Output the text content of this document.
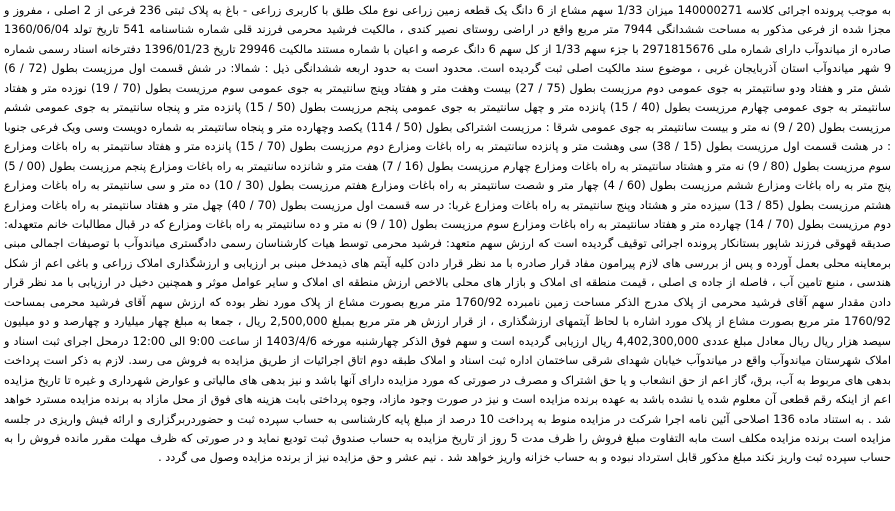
به موجب پرونده اجرائی کلاسه 140000271 میزان 1/33 سهم مشاع از 6 دانگ یک قطعه زمین زراعی نوع ملک طلق با کاربری زراعی - باغ به پلاک ثبتی 236 فرعی از 2 اصلی ، مفروز و مجزا شده از فرعی مذکور به مساحت ششدانگی 7944 متر مربع واقع در اراضی روستای نصیر کندی ، مالکیت فرشید محرمی فرزند قلی شماره شناسنامه 541 تاریخ تولد 1360/06/04 صادره از میاندوآب دارای شماره ملی 2971815676 با جزء سهم 1/33 از کل سهم 6 دانگ عرصه و اعیان با شماره مستند مالکیت 29946 تاریخ 1396/01/23 دفترخانه اسناد رسمی شماره 9 شهر میاندوآب استان آذربایجان غربی ، موضوع سند مالکیت اصلی ثبت گردیده است. محدود است به حدود اربعه ششدانگی ذیل : شمالا: در شش قسمت اول مرزیست بطول (72 / 6) شش متر و هفتاد ودو سانتیمتر به جوی عمومی دوم مرزیست بطول (75 / 27) بیست وهفت متر و هفتاد وپنج سانتیمتر به جوی عمومی سوم مرزیست بطول (70 / 19) نوزده متر و هفتاد سانتیمتر به جوی عمومی چهارم مرزیست بطول (40 / 15) پانزده متر و چهل سانتیمتر به جوی عمومی پنجم مرزیست بطول (50 / 15) پانزده متر و پنجاه سانتیمتر به جوی عمومی ششم مرزیست بطول (20 / 9) نه متر و بیست سانتیمتر به جوی عمومی شرقا : مرزیست اشتراکی بطول (50 / 114) یکصد وچهارده متر و پنجاه سانتیمتر به شماره دویست وسی ویک فرعی جنوبا : در هشت قسمت اول مرزیست بطول (15 / 38) سی وهشت متر و پانزده سانتیمتر به راه باغات ومزارع دوم مرزیست بطول (70 / 15) پانزده متر و هفتاد سانتیمتر به راه باغات ومزارع سوم مرزیست بطول (80 / 9) نه متر و هشتاد سانتیمتر به راه باغات ومزارع چهارم مرزیست بطول (16 / 7) هفت متر و شانزده سانتیمتر به راه باغات ومزارع پنجم مرزیست بطول (00 / 5) پنج متر به راه باغات ومزارع ششم مرزیست بطول (60 / 4) چهار متر و شصت سانتیمتر به راه باغات ومزارع هفتم مرزیست بطول (30 / 10) ده متر و سی سانتیمتر به راه باغات ومزارع هشتم مرزیست بطول (85 / 13) سیزده متر و هشتاد وپنج سانتیمتر به راه باغات ومزارع غربا: در سه قسمت اول مرزیست بطول (70 / 40) چهل متر و هفتاد سانتیمتر به راه باغات ومزارع دوم مرزیست بطول (70 / 14) چهارده متر و هفتاد سانتیمتر به راه باغات ومزارع سوم مرزیست بطول (10 / 9) نه متر و ده سانتیمتر به راه باغات ومزارع که در قبال مطالبات خانم متعهدله: صدیقه قهوقی فرزند شاپور بستانکار پرونده اجرائی توقیف گردیده است که ارزش سهم متعهد: فرشید محرمی توسط هیات کارشناسان رسمی دادگستری میاندوآب با توصیفات اجمالی مبنی برمعاینه محلی بعمل آورده و پس از بررسی های لازم پیرامون مفاد قرار صادره با مد نظر قرار دادن کلیه آیتم های ذیمدخل مبنی بر ارزیابی و ارزشگذاری املاک زراعی و باغی اعم از شکل هندسی ، منبع تامین آب ، فاصله از جاده ی اصلی ، قیمت منطقه ای املاک و بازار های محلی بالاخص ارزش منطقه ای املاک و سایر عوامل موثر و همچنین دخیل در ارزیابی با مد نظر قرار دادن مقدار سهم آقای فرشید محرمی از پلاک مدرج الذکر مساحت زمین نامبرده 1760/92 متر مربع بصورت مشاع از پلاک مورد نظر بوده که ارزش سهم آقای فرشید محرمی بمساحت 1760/92 متر مربع بصورت مشاع از پلاک مورد اشاره با لحاظ آیتمهای ارزشگذاری ، از قرار ارزش هر متر مربع بمبلغ 2,500,000 ریال ، جمعا به مبلغ چهار میلیارد و چهارصد و دو میلیون سیصد هزار ریال ریال معادل مبلغ عددی 4,402,300,000 ریال ارزیابی گردیده است و سهم فوق الذکر چهارشنبه مورخه 1403/4/6 از ساعت 9:00 الی 12:00 درمحل اجرای ثبت اسناد و املاک شهرستان میاندوآب واقع در میاندوآب خیابان شهدای شرقی ساختمان اداره ثبت اسناد و املاک طبقه دوم اتاق اجرائیات از طریق مزایده به فروش می رسد. لازم به ذکر است پرداخت بدهی های مربوط به آب، برق، گاز اعم از حق انشعاب و یا حق اشتراک و مصرف در صورتی که مورد مزایده دارای آنها باشد و نیز بدهی های مالیاتی و عوارض شهرداری و غیره تا تاریخ مزایده اعم از اینکه رقم قطعی آن معلوم شده یا نشده باشد به عهده برنده مزایده است و نیز در صورت وجود مازاد، وجوه پرداختی بابت هزینه های فوق از محل مازاد به برنده مزایده مسترد خواهد شد . به استناد ماده 136 اصلاحی آئین نامه اجرا شرکت در مزایده منوط به پرداخت 10 درصد از مبلغ پایه کارشناسی به حساب سپرده ثبت و حضوردربرگزاری و ارائه فیش واریزی در جلسه مزایده است برنده مزایده مکلف است مابه التفاوت مبلغ فروش را ظرف مدت 5 روز از تاریخ مزایده به حساب صندوق ثبت تودیع نماید و در صورتی که ظرف مهلت مقرر مانده فروش را به حساب سپرده ثبت واریز نکند مبلغ مذکور قابل استرداد نبوده و به حساب خزانه واریز خواهد شد . نیم عشر و حق مزایده نیز از برنده مزایده وصول می گردد .
